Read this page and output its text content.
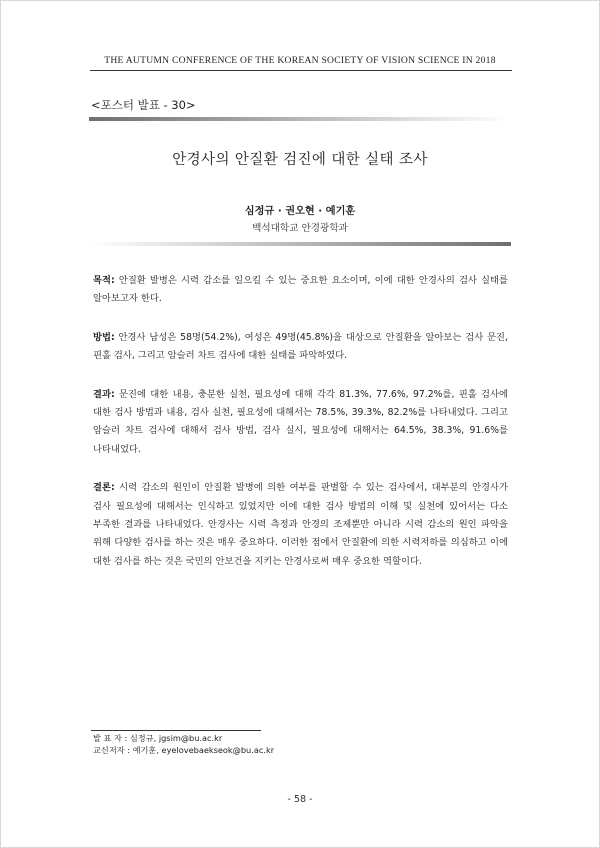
THE AUTUMN CONFERENCE OF THE KOREAN SOCIETY OF VISION SCIENCE IN 2018
<포스터 발표 - 30>
안경사의 안질환 검진에 대한 실태 조사
심정규 · 권오현 · 예기훈
백석대학교 안경광학과

목적: 안질환 발병은 시력 감소를 일으킬 수 있는 중요한 요소이며, 이에 대한 안경사의 검사 실태를 알아보고자 한다.

방법: 안경사 남성은 58명(54.2%), 여성은 49명(45.8%)을 대상으로 안질환을 알아보는 검사 문진, 핀홀 검사, 그리고 암슬러 차트 검사에 대한 실태를 파악하였다.

결과: 문진에 대한 내용, 충분한 실천, 필요성에 대해 각각 81.3%, 77.6%, 97.2%를, 핀홀 검사에 대한 검사 방법과 내용, 검사 실천, 필요성에 대해서는 78.5%, 39.3%, 82.2%를 나타내었다. 그리고 암슬러 차트 검사에 대해서 검사 방법, 검사 실시, 필요성에 대해서는 64.5%, 38.3%, 91.6%를 나타내었다.

결론: 시력 감소의 원인이 안질환 발병에 의한 여부를 판별할 수 있는 검사에서, 대부분의 안경사가 검사 필요성에 대해서는 인식하고 있었지만 이에 대한 검사 방법의 이해 및 실천에 있어서는 다소 부족한 결과를 나타내었다. 안경사는 시력 측정과 안경의 조제뿐만 아니라 시력 감소의 원인 파악을 위해 다양한 검사를 하는 것은 매우 중요하다. 이러한 점에서 안질환에 의한 시력저하를 의심하고 이에 대한 검사를 하는 것은 국민의 안보건을 지키는 안경사로써 매우 중요한 역할이다.

발 표 자 : 심정규, jgsim@bu.ac.kr
교신저자 : 예기훈, eyelovebaekseok@bu.ac.kr
- 58 -
